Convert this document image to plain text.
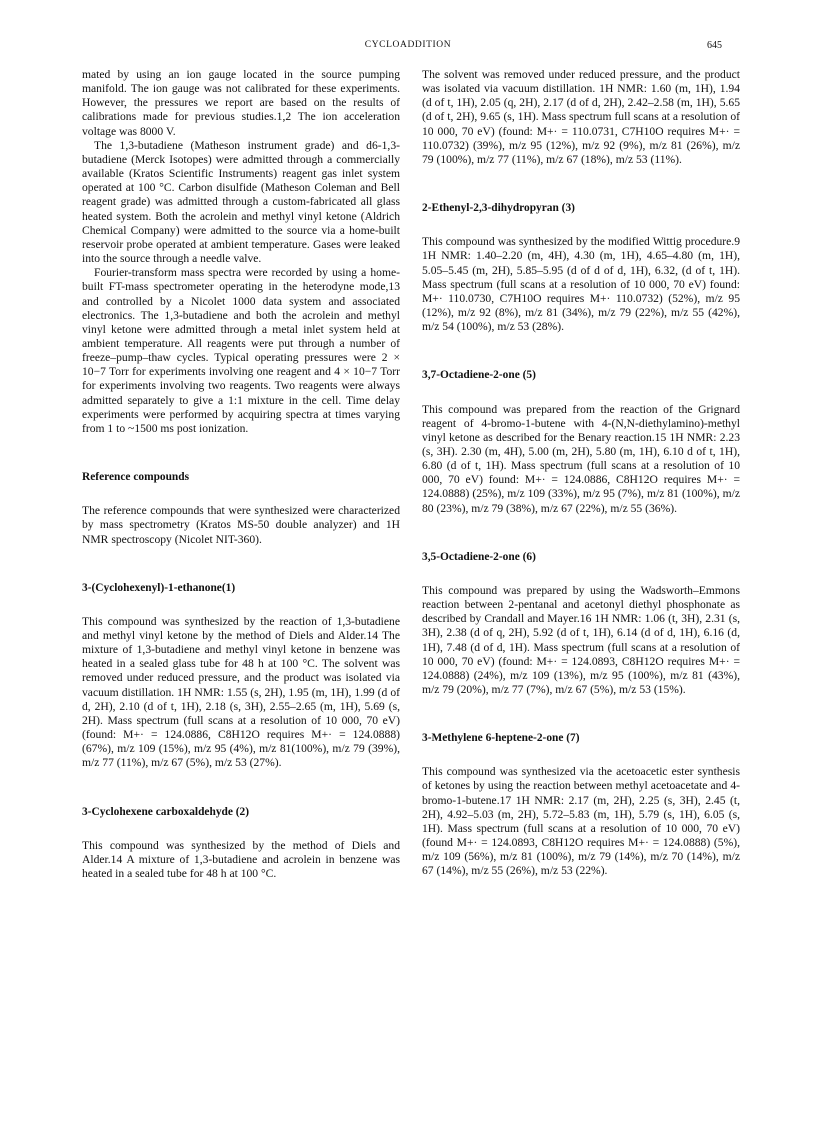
CYCLOADDITION	645

mated by using an ion gauge located in the source pumping manifold. The ion gauge was not calibrated for these experiments. However, the pressures we report are based on the results of calibrations made for previous studies.1,2 The ion acceleration voltage was 8000 V.

The 1,3-butadiene (Matheson instrument grade) and d6-1,3-butadiene (Merck Isotopes) were admitted through a commercially available (Kratos Scientific Instruments) reagent gas inlet system operated at 100 °C. Carbon disulfide (Matheson Coleman and Bell reagent grade) was admitted through a custom-fabricated all glass heated system. Both the acrolein and methyl vinyl ketone (Aldrich Chemical Company) were admitted to the source via a home-built reservoir probe operated at ambient temperature. Gases were leaked into the source through a needle valve.

Fourier-transform mass spectra were recorded by using a home-built FT-mass spectrometer operating in the heterodyne mode,13 and controlled by a Nicolet 1000 data system and associated electronics. The 1,3-butadiene and both the acrolein and methyl vinyl ketone were admitted through a metal inlet system held at ambient temperature. All reagents were put through a number of freeze–pump–thaw cycles. Typical operating pressures were 2 × 10−7 Torr for experiments involving one reagent and 4 × 10−7 Torr for experiments involving two reagents. Two reagents were always admitted separately to give a 1:1 mixture in the cell. Time delay experiments were performed by acquiring spectra at times varying from 1 to ~1500 ms post ionization.

Reference compounds

The reference compounds that were synthesized were characterized by mass spectrometry (Kratos MS-50 double analyzer) and 1H NMR spectroscopy (Nicolet NIT-360).

3-(Cyclohexenyl)-1-ethanone(1)

This compound was synthesized by the reaction of 1,3-butadiene and methyl vinyl ketone by the method of Diels and Alder.14 The mixture of 1,3-butadiene and methyl vinyl ketone in benzene was heated in a sealed glass tube for 48 h at 100 °C. The solvent was removed under reduced pressure, and the product was isolated via vacuum distillation. 1H NMR: 1.55 (s, 2H), 1.95 (m, 1H), 1.99 (d of d, 2H), 2.10 (d of t, 1H), 2.18 (s, 3H), 2.55–2.65 (m, 1H), 5.69 (s, 2H). Mass spectrum (full scans at a resolution of 10 000, 70 eV) (found: M+· = 124.0886, C8H12O requires M+· = 124.0888) (67%), m/z 109 (15%), m/z 95 (4%), m/z 81(100%), m/z 79 (39%), m/z 77 (11%), m/z 67 (5%), m/z 53 (27%).

3-Cyclohexene carboxaldehyde (2)

This compound was synthesized by the method of Diels and Alder.14 A mixture of 1,3-butadiene and acrolein in benzene was heated in a sealed tube for 48 h at 100 °C.

The solvent was removed under reduced pressure, and the product was isolated via vacuum distillation. 1H NMR: 1.60 (m, 1H), 1.94 (d of t, 1H), 2.05 (q, 2H), 2.17 (d of d, 2H), 2.42–2.58 (m, 1H), 5.65 (d of t, 2H), 9.65 (s, 1H). Mass spectrum full scans at a resolution of 10 000, 70 eV) (found: M+· = 110.0731, C7H10O requires M+· = 110.0732) (39%), m/z 95 (12%), m/z 92 (9%), m/z 81 (26%), m/z 79 (100%), m/z 77 (11%), m/z 67 (18%), m/z 53 (11%).

2-Ethenyl-2,3-dihydropyran (3)

This compound was synthesized by the modified Wittig procedure.9 1H NMR: 1.40–2.20 (m, 4H), 4.30 (m, 1H), 4.65–4.80 (m, 1H), 5.05–5.45 (m, 2H), 5.85–5.95 (d of d of d, 1H), 6.32, (d of t, 1H). Mass spectrum (full scans at a resolution of 10 000, 70 eV) found: M+· 110.0730, C7H10O requires M+· 110.0732) (52%), m/z 95 (12%), m/z 92 (8%), m/z 81 (34%), m/z 79 (22%), m/z 55 (42%), m/z 54 (100%), m/z 53 (28%).

3,7-Octadiene-2-one (5)

This compound was prepared from the reaction of the Grignard reagent of 4-bromo-1-butene with 4-(N,N-diethylamino)-methyl vinyl ketone as described for the Benary reaction.15 1H NMR: 2.23 (s, 3H). 2.30 (m, 4H), 5.00 (m, 2H), 5.80 (m, 1H), 6.10 d of t, 1H), 6.80 (d of t, 1H). Mass spectrum (full scans at a resolution of 10 000, 70 eV) found: M+· = 124.0886, C8H12O requires M+· = 124.0888) (25%), m/z 109 (33%), m/z 95 (7%), m/z 81 (100%), m/z 80 (23%), m/z 79 (38%), m/z 67 (22%), m/z 55 (36%).

3,5-Octadiene-2-one (6)

This compound was prepared by using the Wadsworth–Emmons reaction between 2-pentanal and acetonyl diethyl phosphonate as described by Crandall and Mayer.16 1H NMR: 1.06 (t, 3H), 2.31 (s, 3H), 2.38 (d of q, 2H), 5.92 (d of t, 1H), 6.14 (d of d, 1H), 6.16 (d, 1H), 7.48 (d of d, 1H). Mass spectrum (full scans at a resolution of 10 000, 70 eV) (found: M+· = 124.0893, C8H12O requires M+· = 124.0888) (24%), m/z 109 (13%), m/z 95 (100%), m/z 81 (43%), m/z 79 (20%), m/z 77 (7%), m/z 67 (5%), m/z 53 (15%).

3-Methylene 6-heptene-2-one (7)

This compound was synthesized via the acetoacetic ester synthesis of ketones by using the reaction between methyl acetoacetate and 4-bromo-1-butene.17 1H NMR: 2.17 (m, 2H), 2.25 (s, 3H), 2.45 (t, 2H), 4.92–5.03 (m, 2H), 5.72–5.83 (m, 1H), 5.79 (s, 1H), 6.05 (s, 1H). Mass spectrum (full scans at a resolution of 10 000, 70 eV) (found M+· = 124.0893, C8H12O requires M+· = 124.0888) (5%), m/z 109 (56%), m/z 81 (100%), m/z 79 (14%), m/z 70 (14%), m/z 67 (14%), m/z 55 (26%), m/z 53 (22%).
